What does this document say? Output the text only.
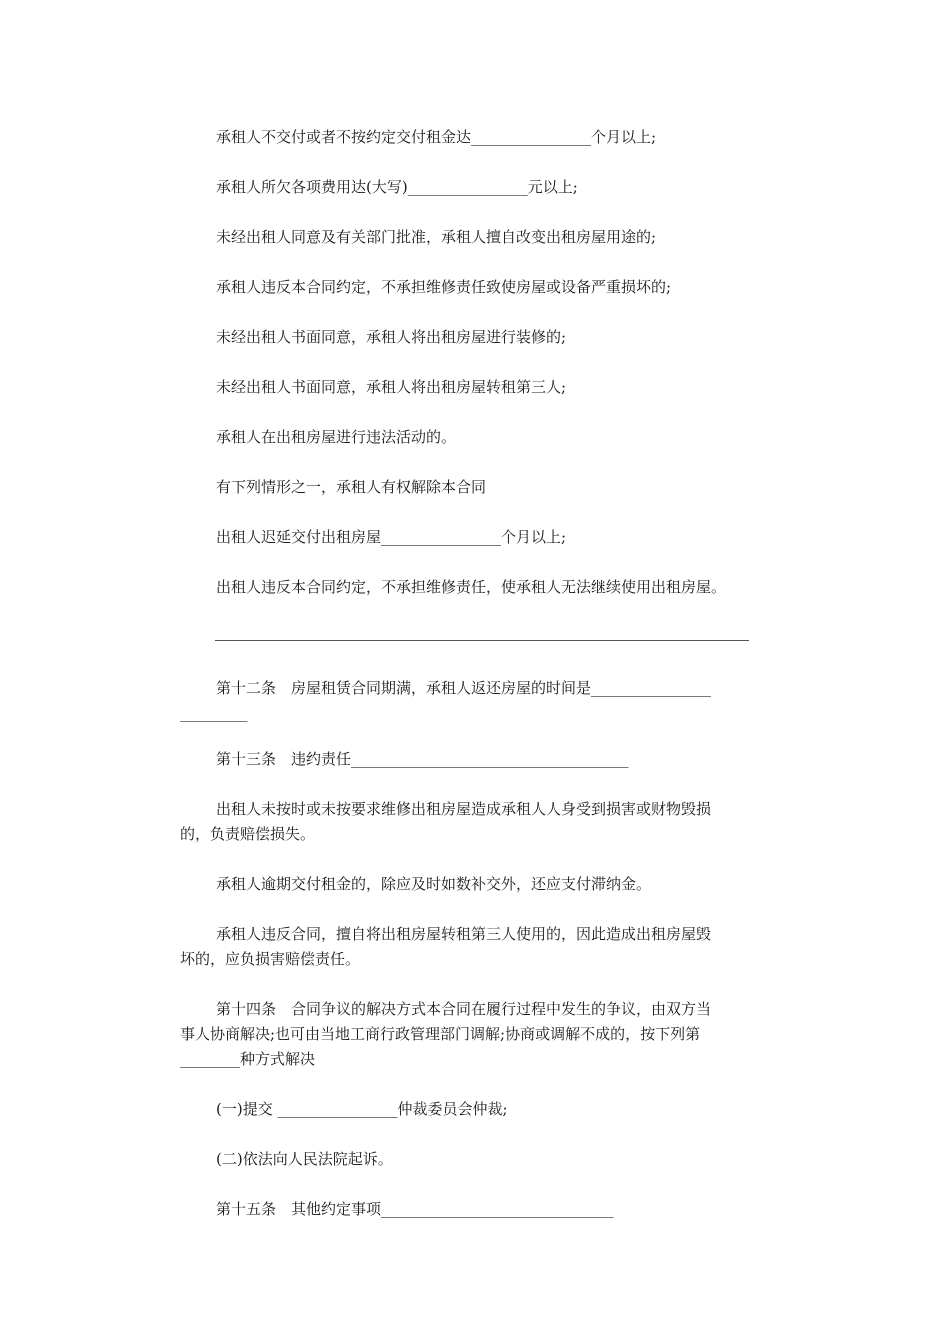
承租人不交付或者不按约定交付租金达________________个月以上;
承租人所欠各项费用达(大写)________________元以上;
未经出租人同意及有关部门批准，承租人擅自改变出租房屋用途的;
承租人违反本合同约定，不承担维修责任致使房屋或设备严重损坏的;
未经出租人书面同意，承租人将出租房屋进行装修的;
未经出租人书面同意，承租人将出租房屋转租第三人;
承租人在出租房屋进行违法活动的。
有下列情形之一，承租人有权解除本合同
出租人迟延交付出租房屋________________个月以上;
出租人违反本合同约定，不承担维修责任，使承租人无法继续使用出租房屋。
第十二条　房屋租赁合同期满，承租人返还房屋的时间是________________
_________
第十三条　违约责任_____________________________________
出租人未按时或未按要求维修出租房屋造成承租人人身受到损害或财物毁损
的，负责赔偿损失。
承租人逾期交付租金的，除应及时如数补交外，还应支付滞纳金。
承租人违反合同，擅自将出租房屋转租第三人使用的，因此造成出租房屋毁
坏的，应负损害赔偿责任。
第十四条　合同争议的解决方式本合同在履行过程中发生的争议，由双方当
事人协商解决;也可由当地工商行政管理部门调解;协商或调解不成的，按下列第
________种方式解决
(一)提交 ________________仲裁委员会仲裁;
(二)依法向人民法院起诉。
第十五条　其他约定事项_______________________________
